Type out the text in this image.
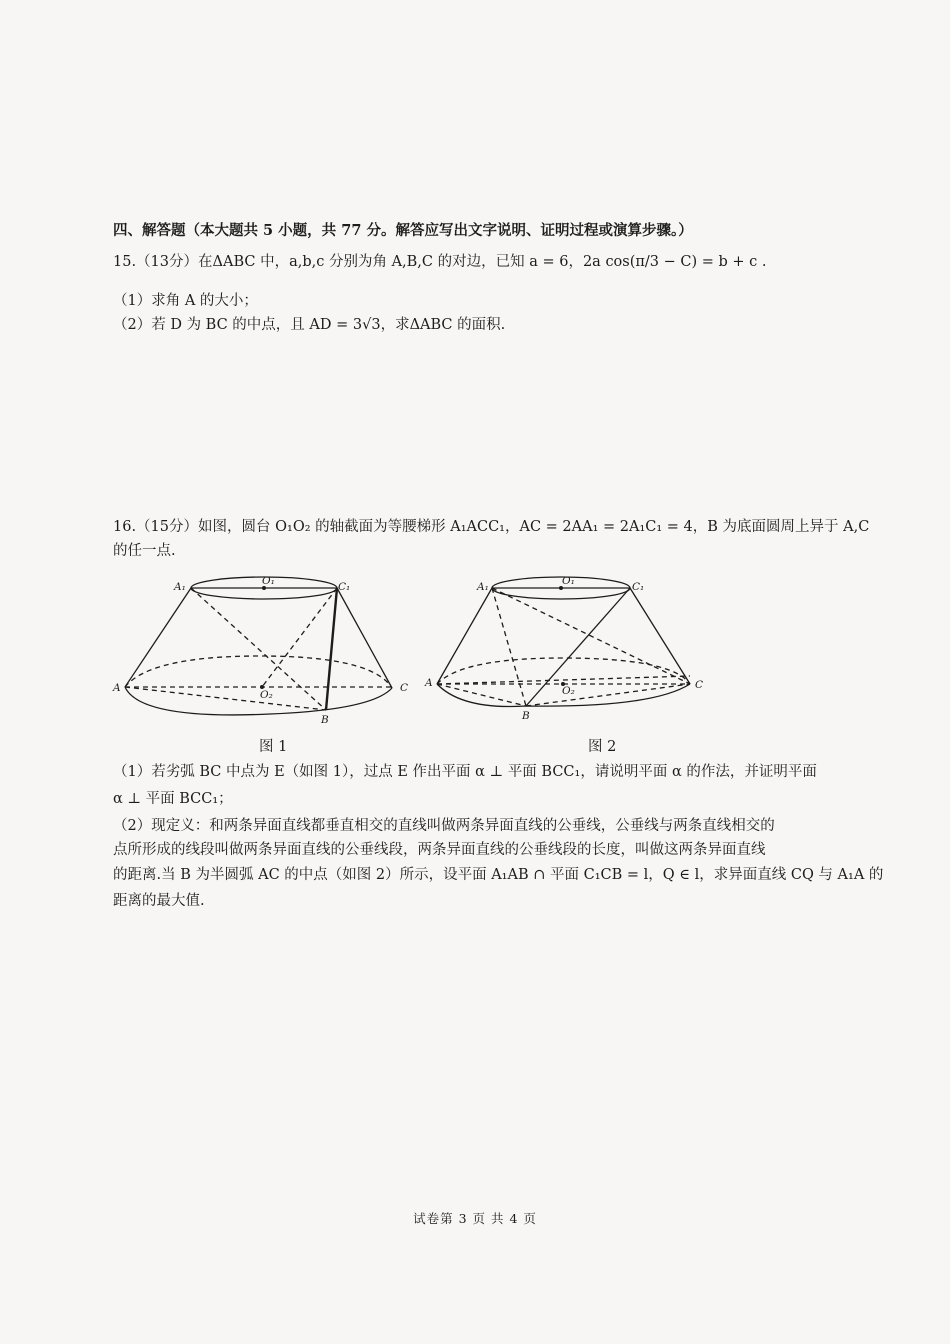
四、解答题（本大题共 5 小题，共 77 分。解答应写出文字说明、证明过程或演算步骤。）
15.（13分）在ΔABC 中，a,b,c 分别为角 A,B,C 的对边，已知 a = 6，2a cos(π/3 − C) = b + c .
（1）求角 A 的大小；
（2）若 D 为 BC 的中点，且 AD = 3√3，求ΔABC 的面积.
16.（15分）如图，圆台 O₁O₂ 的轴截面为等腰梯形 A₁ACC₁，AC = 2AA₁ = 2A₁C₁ = 4，B 为底面圆周上异于 A,C
的任一点.
A₁	O₁	C₁
A
O₂
C
B
A₁	O₁	C₁
A
O₂	C
B
图 1	图 2
（1）若劣弧 BC 中点为 E（如图 1），过点 E 作出平面 α ⊥ 平面 BCC₁，请说明平面 α 的作法，并证明平面
α ⊥ 平面 BCC₁；
（2）现定义：和两条异面直线都垂直相交的直线叫做两条异面直线的公垂线，公垂线与两条直线相交的
点所形成的线段叫做两条异面直线的公垂线段，两条异面直线的公垂线段的长度，叫做这两条异面直线
的距离.当 B 为半圆弧 AC 的中点（如图 2）所示，设平面 A₁AB ∩ 平面 C₁CB = l，Q ∈ l，求异面直线 CQ 与 A₁A 的
距离的最大值.
试卷第 3 页 共 4 页
